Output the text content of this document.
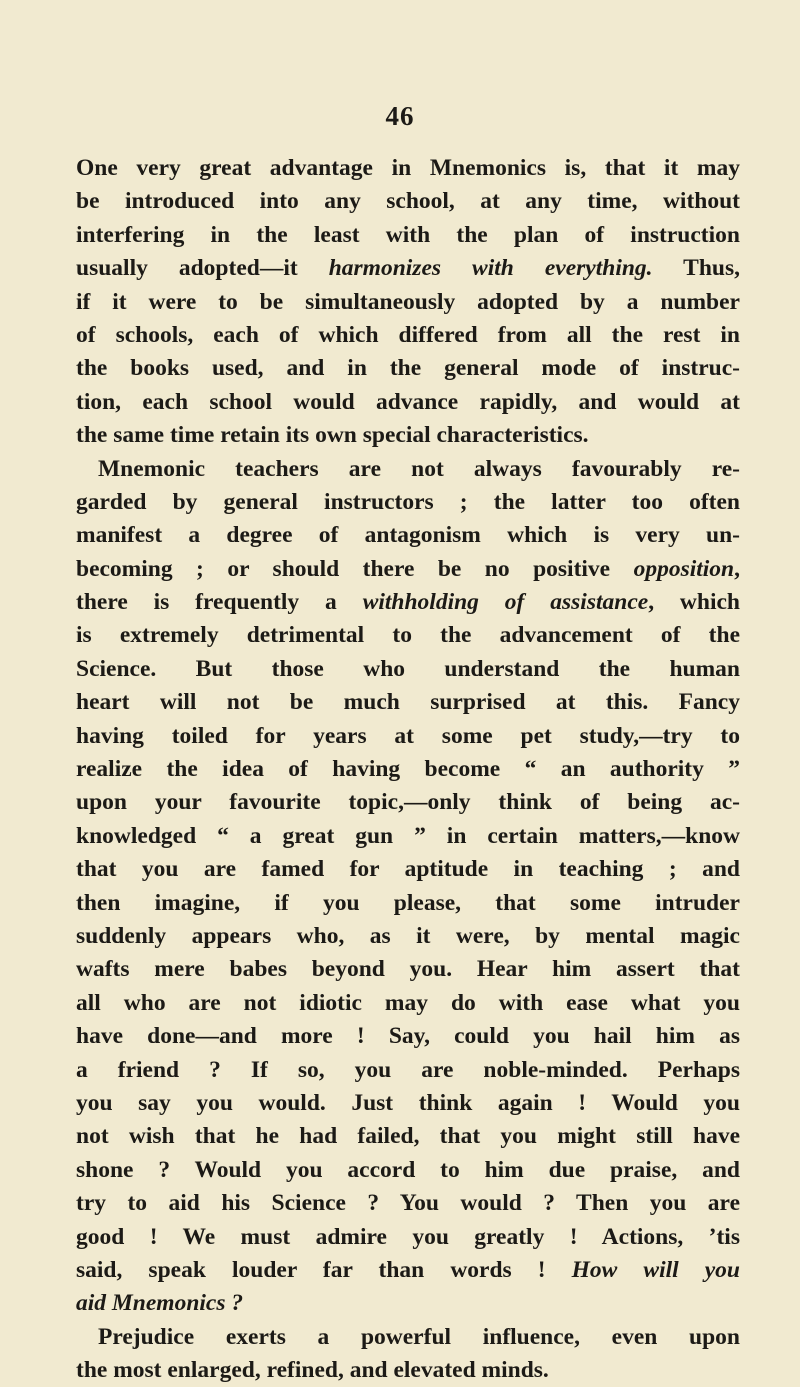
46
One very great advantage in Mnemonics is, that it may
be introduced into any school, at any time, without
interfering in the least with the plan of instruction
usually adopted—it harmonizes with everything. Thus,
if it were to be simultaneously adopted by a number
of schools, each of which differed from all the rest in
the books used, and in the general mode of instruc-
tion, each school would advance rapidly, and would at
the same time retain its own special characteristics.
Mnemonic teachers are not always favourably re-
garded by general instructors ; the latter too often
manifest a degree of antagonism which is very un-
becoming ; or should there be no positive opposition,
there is frequently a withholding of assistance, which
is extremely detrimental to the advancement of the
Science. But those who understand the human
heart will not be much surprised at this. Fancy
having toiled for years at some pet study,—try to
realize the idea of having become “ an authority ”
upon your favourite topic,—only think of being ac-
knowledged “ a great gun ” in certain matters,—know
that you are famed for aptitude in teaching ; and
then imagine, if you please, that some intruder
suddenly appears who, as it were, by mental magic
wafts mere babes beyond you. Hear him assert that
all who are not idiotic may do with ease what you
have done—and more ! Say, could you hail him as
a friend ? If so, you are noble-minded. Perhaps
you say you would. Just think again ! Would you
not wish that he had failed, that you might still have
shone ? Would you accord to him due praise, and
try to aid his Science ? You would ? Then you are
good ! We must admire you greatly ! Actions, ’tis
said, speak louder far than words ! How will you
aid Mnemonics ?
Prejudice exerts a powerful influence, even upon
the most enlarged, refined, and elevated minds.
